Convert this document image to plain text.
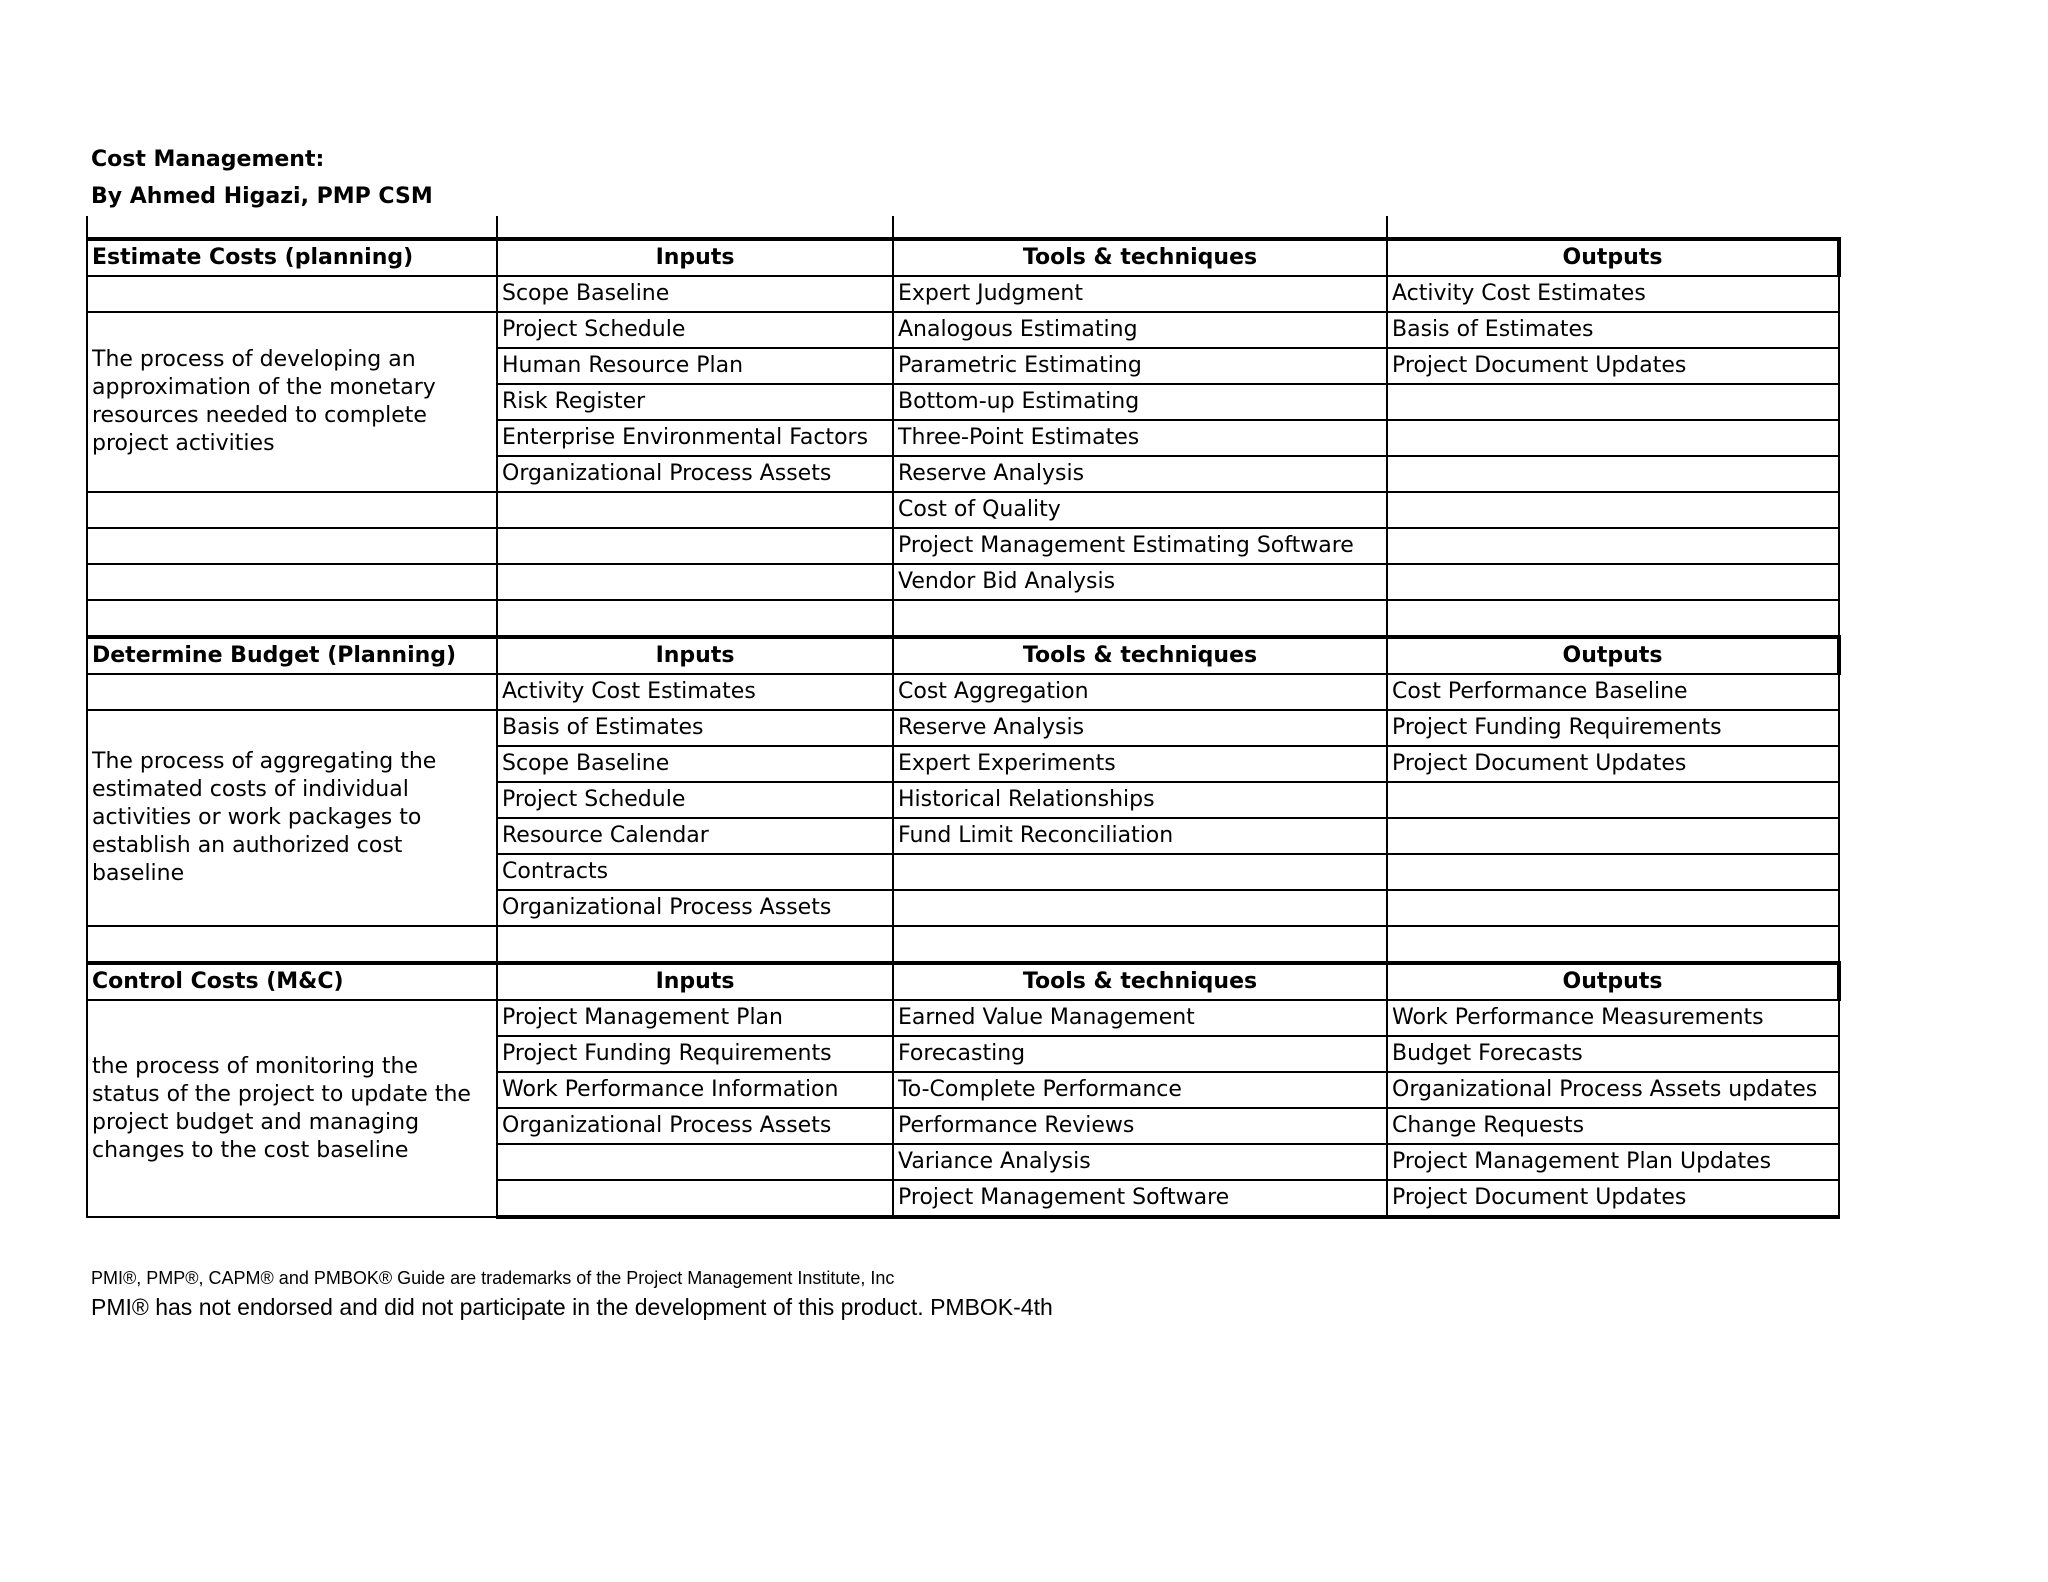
Cost Management:
By Ahmed Higazi, PMP CSM
Estimate Costs (planning)	Inputs	Tools & techniques	Outputs
	Scope Baseline	Expert Judgment	Activity Cost Estimates
The process of developing an approximation of the monetary resources needed to complete project activities	Project Schedule	Analogous Estimating	Basis of Estimates
	Human Resource Plan	Parametric Estimating	Project Document Updates
	Risk Register	Bottom-up Estimating	
	Enterprise Environmental Factors	Three-Point Estimates	
	Organizational Process Assets	Reserve Analysis	
		Cost of Quality	
		Project Management Estimating Software	
		Vendor Bid Analysis	

Determine Budget (Planning)	Inputs	Tools & techniques	Outputs
	Activity Cost Estimates	Cost Aggregation	Cost Performance Baseline
The process of aggregating the estimated costs of individual activities or work packages to establish an authorized cost baseline	Basis of Estimates	Reserve Analysis	Project Funding Requirements
	Scope Baseline	Expert Experiments	Project Document Updates
	Project Schedule	Historical Relationships	
	Resource Calendar	Fund Limit Reconciliation	
	Contracts		
	Organizational Process Assets		

Control Costs (M&C)	Inputs	Tools & techniques	Outputs
the process of monitoring the status of the project to update the project budget and managing changes to the cost baseline	Project Management Plan	Earned Value Management	Work Performance Measurements
	Project Funding Requirements	Forecasting	Budget Forecasts
	Work Performance Information	To-Complete Performance	Organizational Process Assets updates
	Organizational Process Assets	Performance Reviews	Change Requests
		Variance Analysis	Project Management Plan Updates
		Project Management Software	Project Document Updates
PMI®, PMP®, CAPM® and PMBOK® Guide are trademarks of the Project Management Institute, Inc
PMI® has not endorsed and did not participate in the development of this product. PMBOK-4th
